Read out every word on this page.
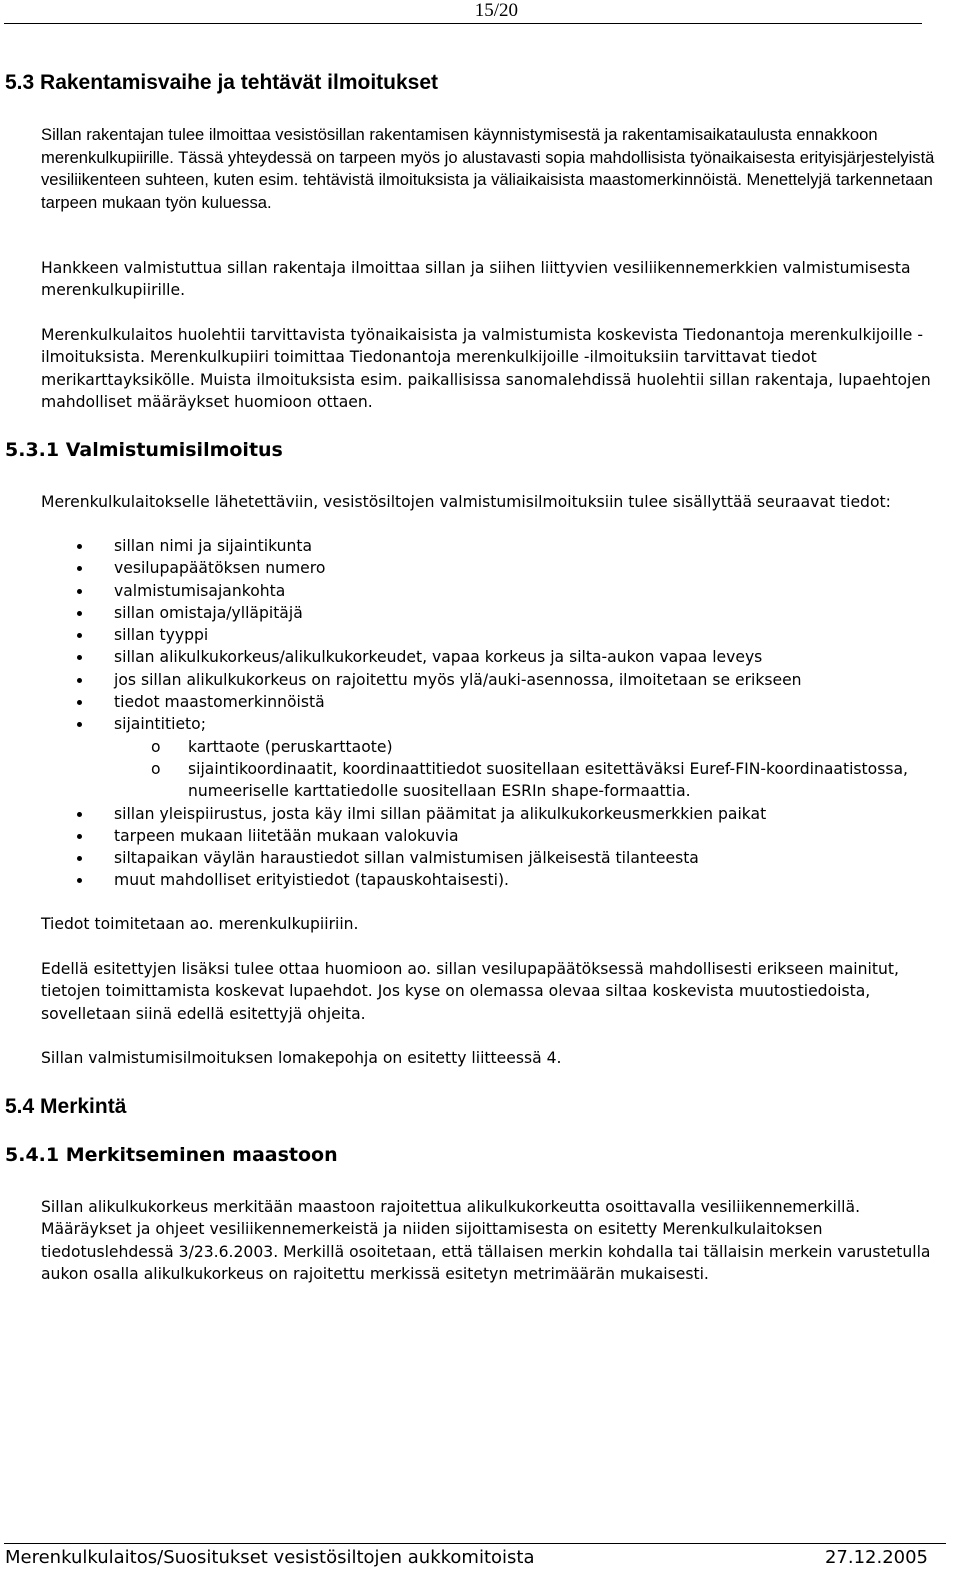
15/20
5.3 Rakentamisvaihe ja tehtävät ilmoitukset

Sillan rakentajan tulee ilmoittaa vesistösillan rakentamisen käynnistymisestä ja rakentamisaikataulusta ennakkoon merenkulkupiirille. Tässä yhteydessä on tarpeen myös jo alustavasti sopia mahdollisista työnaikaisesta erityisjärjestelyistä vesiliikenteen suhteen, kuten esim. tehtävistä ilmoituksista ja väliaikaisista maastomerkinnöistä. Menettelyjä tarkennetaan tarpeen mukaan työn kuluessa.

Hankkeen valmistuttua sillan rakentaja ilmoittaa sillan ja siihen liittyvien vesiliikennemerkkien valmistumisesta merenkulkupiirille.

Merenkulkulaitos huolehtii tarvittavista työnaikaisista ja valmistumista koskevista Tiedonantoja merenkulkijoille -ilmoituksista. Merenkulkupiiri toimittaa Tiedonantoja merenkulkijoille -ilmoituksiin tarvittavat tiedot merikarttayksikölle. Muista ilmoituksista esim. paikallisissa sanomalehdissä huolehtii sillan rakentaja, lupaehtojen mahdolliset määräykset huomioon ottaen.

5.3.1 Valmistumisilmoitus

Merenkulkulaitokselle lähetettäviin, vesistösiltojen valmistumisilmoituksiin tulee sisällyttää seuraavat tiedot:

sillan nimi ja sijaintikunta
vesilupapäätöksen numero
valmistumisajankohta
sillan omistaja/ylläpitäjä
sillan tyyppi
sillan alikulkukorkeus/alikulkukorkeudet, vapaa korkeus ja silta-aukon vapaa leveys
jos sillan alikulkukorkeus on rajoitettu myös ylä/auki-asennossa, ilmoitetaan se erikseen
tiedot maastomerkinnöistä
sijaintitieto;
o karttaote (peruskarttaote)
o sijaintikoordinaatit, koordinaattitiedot suositellaan esitettäväksi Euref-FIN-koordinaatistossa, numeeriselle karttatiedolle suositellaan ESRIn shape-formaattia.
sillan yleispiirustus, josta käy ilmi sillan päämitat ja alikulkukorkeusmerkkien paikat
tarpeen mukaan liitetään mukaan valokuvia
siltapaikan väylän haraustiedot sillan valmistumisen jälkeisestä tilanteesta
muut mahdolliset erityistiedot (tapauskohtaisesti).

Tiedot toimitetaan ao. merenkulkupiiriin.

Edellä esitettyjen lisäksi tulee ottaa huomioon ao. sillan vesilupapäätöksessä mahdollisesti erikseen mainitut, tietojen toimittamista koskevat lupaehdot. Jos kyse on olemassa olevaa siltaa koskevista muutostiedoista, sovelletaan siinä edellä esitettyjä ohjeita.

Sillan valmistumisilmoituksen lomakepohja on esitetty liitteessä 4.

5.4 Merkintä
5.4.1 Merkitseminen maastoon

Sillan alikulkukorkeus merkitään maastoon rajoitettua alikulkukorkeutta osoittavalla vesiliikennemerkillä. Määräykset ja ohjeet vesiliikennemerkeistä ja niiden sijoittamisesta on esitetty Merenkulkulaitoksen tiedotuslehdessä 3/23.6.2003. Merkillä osoitetaan, että tällaisen merkin kohdalla tai tällaisin merkein varustetulla aukon osalla alikulkukorkeus on rajoitettu merkissä esitetyn metrimäärän mukaisesti.

Merenkulkulaitos/Suositukset vesistösiltojen aukkomitoista	27.12.2005
